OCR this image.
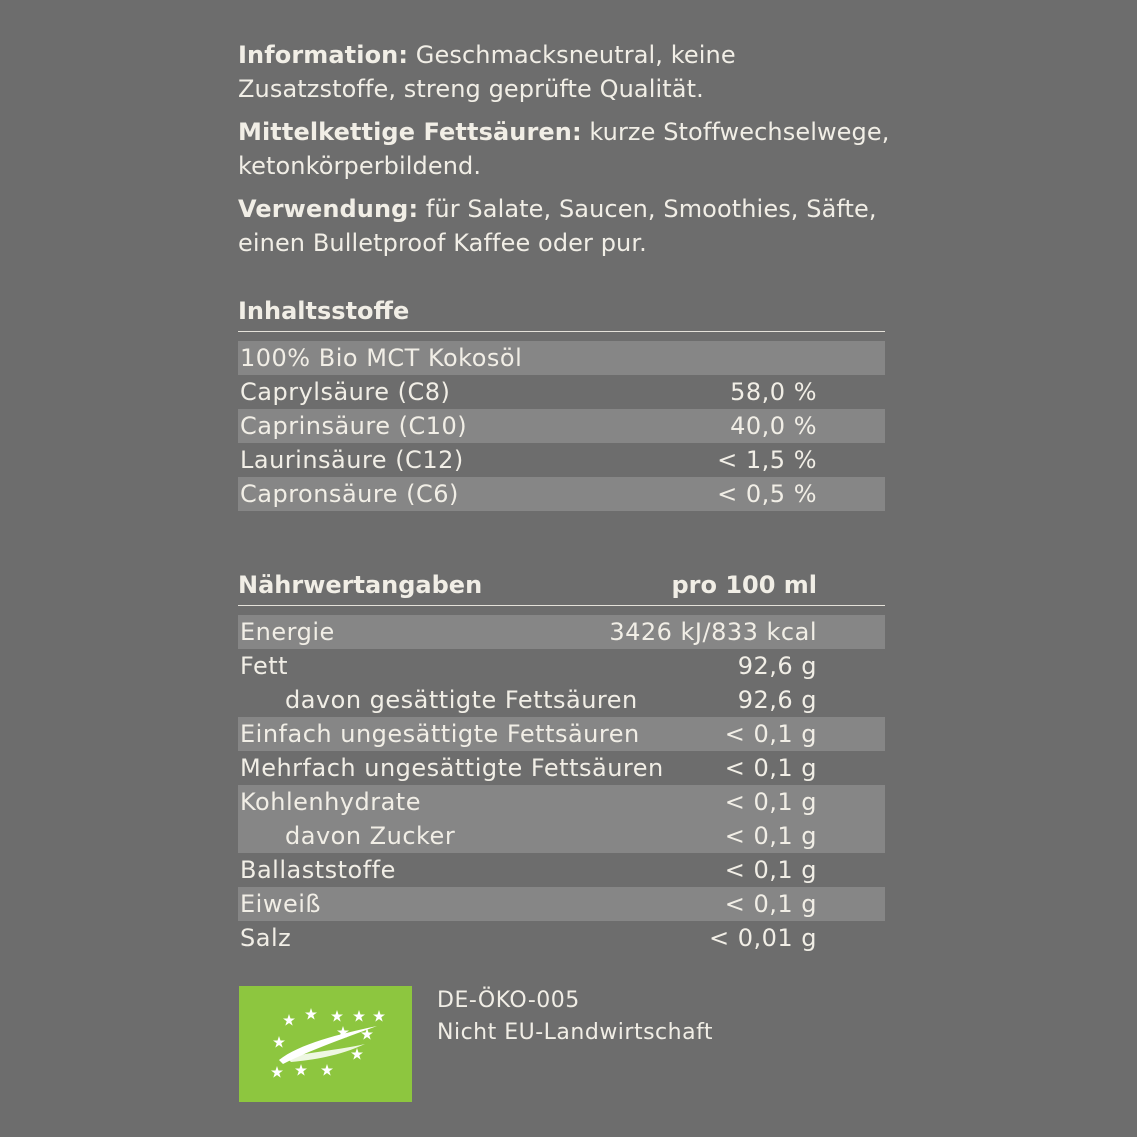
Information: Geschmacksneutral, keine Zusatzstoffe, streng geprüfte Qualität.

Mittelkettige Fettsäuren: kurze Stoffwechselwege, ketonkörperbildend.

Verwendung: für Salate, Saucen, Smoothies, Säfte, einen Bulletproof Kaffee oder pur.

Inhaltsstoffe
100% Bio MCT Kokosöl
Caprylsäure (C8)	58,0 %
Caprinsäure (C10)	40,0 %
Laurinsäure (C12)	< 1,5 %
Capronsäure (C6)	< 0,5 %
Nährwertangaben	pro 100 ml
Energie	3426 kJ/833 kcal
Fett	92,6 g
davon gesättigte Fettsäuren	92,6 g
Einfach ungesättigte Fettsäuren	< 0,1 g
Mehrfach ungesättigte Fettsäuren	< 0,1 g
Kohlenhydrate	< 0,1 g
davon Zucker	< 0,1 g
Ballaststoffe	< 0,1 g
Eiweiß	< 0,1 g
Salz	< 0,01 g
DE-ÖKO-005
Nicht EU-Landwirtschaft
